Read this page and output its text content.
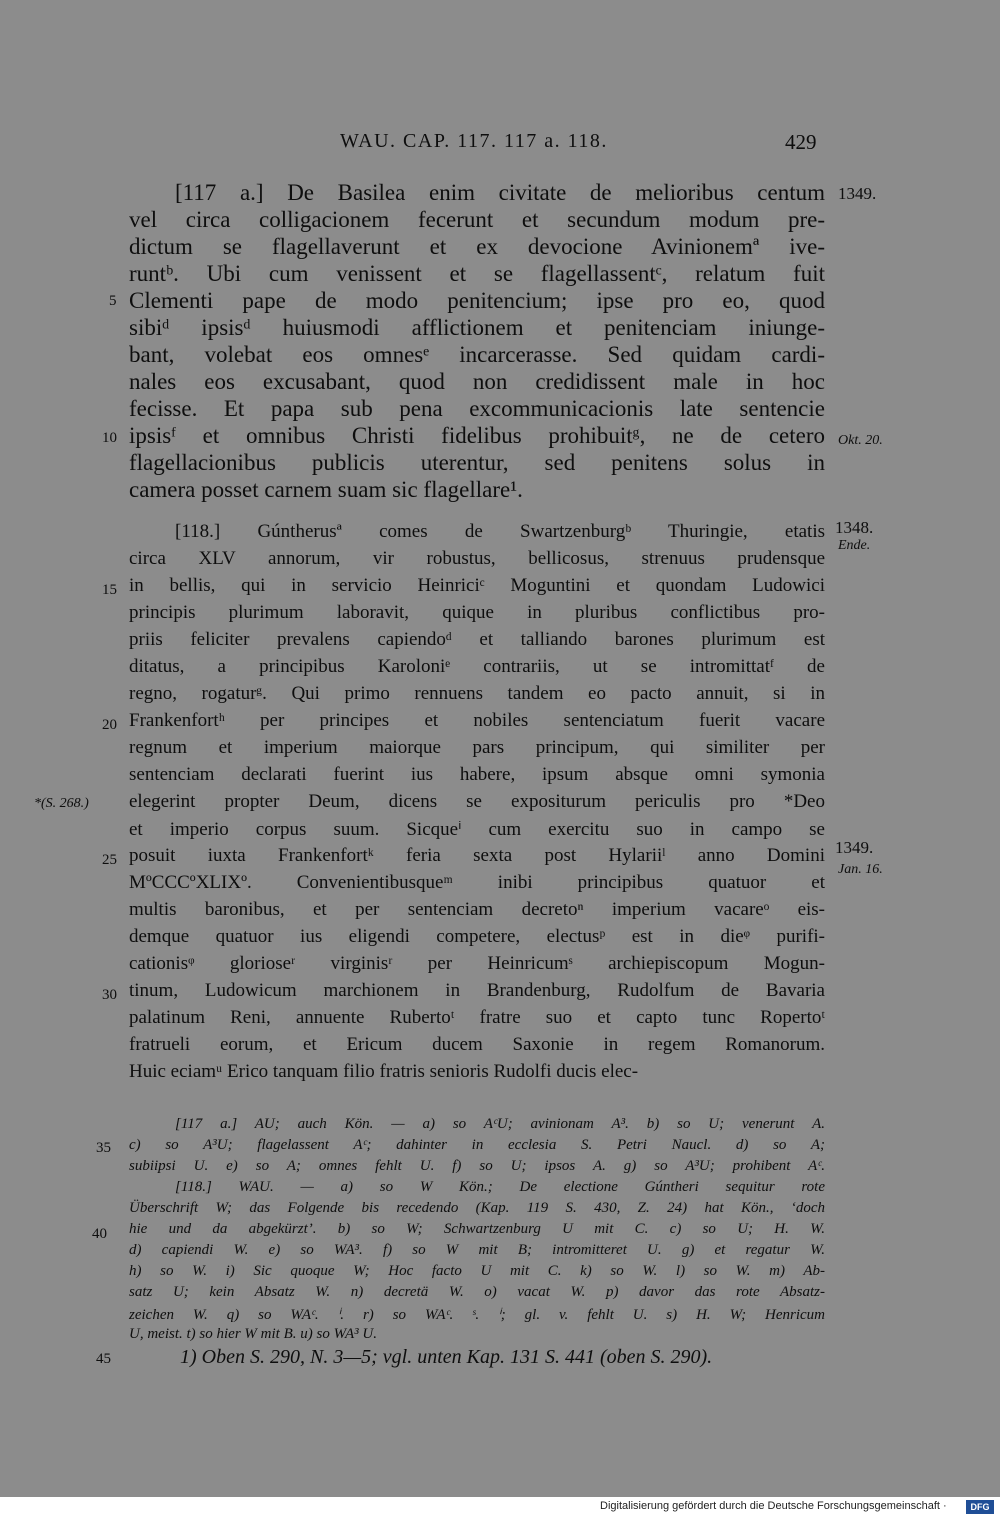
WAU. CAP. 117. 117 a. 118.	429
[117 a.] De Basilea enim civitate de melioribus centum
vel circa colligacionem fecerunt et secundum modum pre-
dictum se flagellaverunt et ex devocione Avinionemª ive-
runtᵇ. Ubi cum venissent et se flagellassentᶜ, relatum fuit
Clementi pape de modo penitencium; ipse pro eo, quod
sibiᵈ ipsisᵈ huiusmodi afflictionem et penitenciam iniunge-
bant, volebat eos omnesᵉ incarcerasse. Sed quidam cardi-
nales eos excusabant, quod non credidissent male in hoc
fecisse. Et papa sub pena excommunicacionis late sentencie
ipsisᶠ et omnibus Christi fidelibus prohibuitᵍ, ne de cetero
flagellacionibus publicis uterentur, sed penitens solus in
camera posset carnem suam sic flagellare¹.
[118.] Gúntherusª comes de Swartzenburgᵇ Thuringie, etatis
circa XLV annorum, vir robustus, bellicosus, strenuus prudensque
in bellis, qui in servicio Heinriciᶜ Moguntini et quondam Ludowici
principis plurimum laboravit, quique in pluribus conflictibus pro-
priis feliciter prevalens capiendoᵈ et talliando barones plurimum est
ditatus, a principibus Karoloniᵉ contrariis, ut se intromittatᶠ de
regno, rogaturᵍ. Qui primo rennuens tandem eo pacto annuit, si in
Frankenfortʰ per principes et nobiles sentenciatum fuerit vacare
regnum et imperium maiorque pars principum, qui similiter per
sentenciam declarati fuerint ius habere, ipsum absque omni symonia
elegerint propter Deum, dicens se expositurum periculis pro *Deo
et imperio corpus suum. Sicqueⁱ cum exercitu suo in campo se
posuit iuxta Frankenfortᵏ feria sexta post Hylariiˡ anno Domini
MºCCCºXLIXº. Convenientibusqueᵐ inibi principibus quatuor et
multis baronibus, et per sentenciam decretoⁿ imperium vacareᵒ eis-
demque quatuor ius eligendi competere, electusᵖ est in dieᵠ purifi-
cationisᵠ glorioseʳ virginisʳ per Heinricumˢ archiepiscopum Mogun-
tinum, Ludowicum marchionem in Brandenburg, Rudolfum de Bavaria
palatinum Reni, annuente Rubertoᵗ fratre suo et capto tunc Ropertoᵗ
fratrueli eorum, et Ericum ducem Saxonie in regem Romanorum.
Huic eciamᵘ Erico tanquam filio fratris senioris Rudolfi ducis elec-
[117 a.] AU; auch Kön. — a) so AᶜU; avinionam A³. b) so U; venerunt A.
c) so A³U; flagelassent Aᶜ; dahinter in ecclesia S. Petri Naucl. d) so A;
subiipsi U. e) so A; omnes fehlt U. f) so U; ipsos A. g) so A³U; prohibent Aᶜ.
[118.] WAU. — a) so W Kön.; De electione Gúntheri sequitur rote
Überschrift W; das Folgende bis recedendo (Kap. 119 S. 430, Z. 24) hat Kön., ‘doch
hie und da abgekürzt’. b) so W; Schwartzenburg U mit C. c) so U; H. W.
d) capiendi W. e) so WA³. f) so W mit B; intromitteret U. g) et regatur W.
h) so W. i) Sic quoque W; Hoc facto U mit C. k) so W. l) so W. m) Ab-
satz U; kein Absatz W. n) decretä W. o) vacat W. p) davor das rote Absatz-
zeichen W. q) so WAᶜ. ⁱ. r) so WAᶜ. ˢ. ⁱ; gl. v. fehlt U. s) H. W; Henricum
U, meist. t) so hier W mit B. u) so WA³ U.
1) Oben S. 290, N. 3—5; vgl. unten Kap. 131 S. 441 (oben S. 290).
5
10
15
20
25
30
35
40
45
1349.
Okt. 20.
1348.
Ende.
1349.
Jan. 16.
*(S. 268.)
Digitalisierung gefördert durch die Deutsche Forschungsgemeinschaft ·	DFG
